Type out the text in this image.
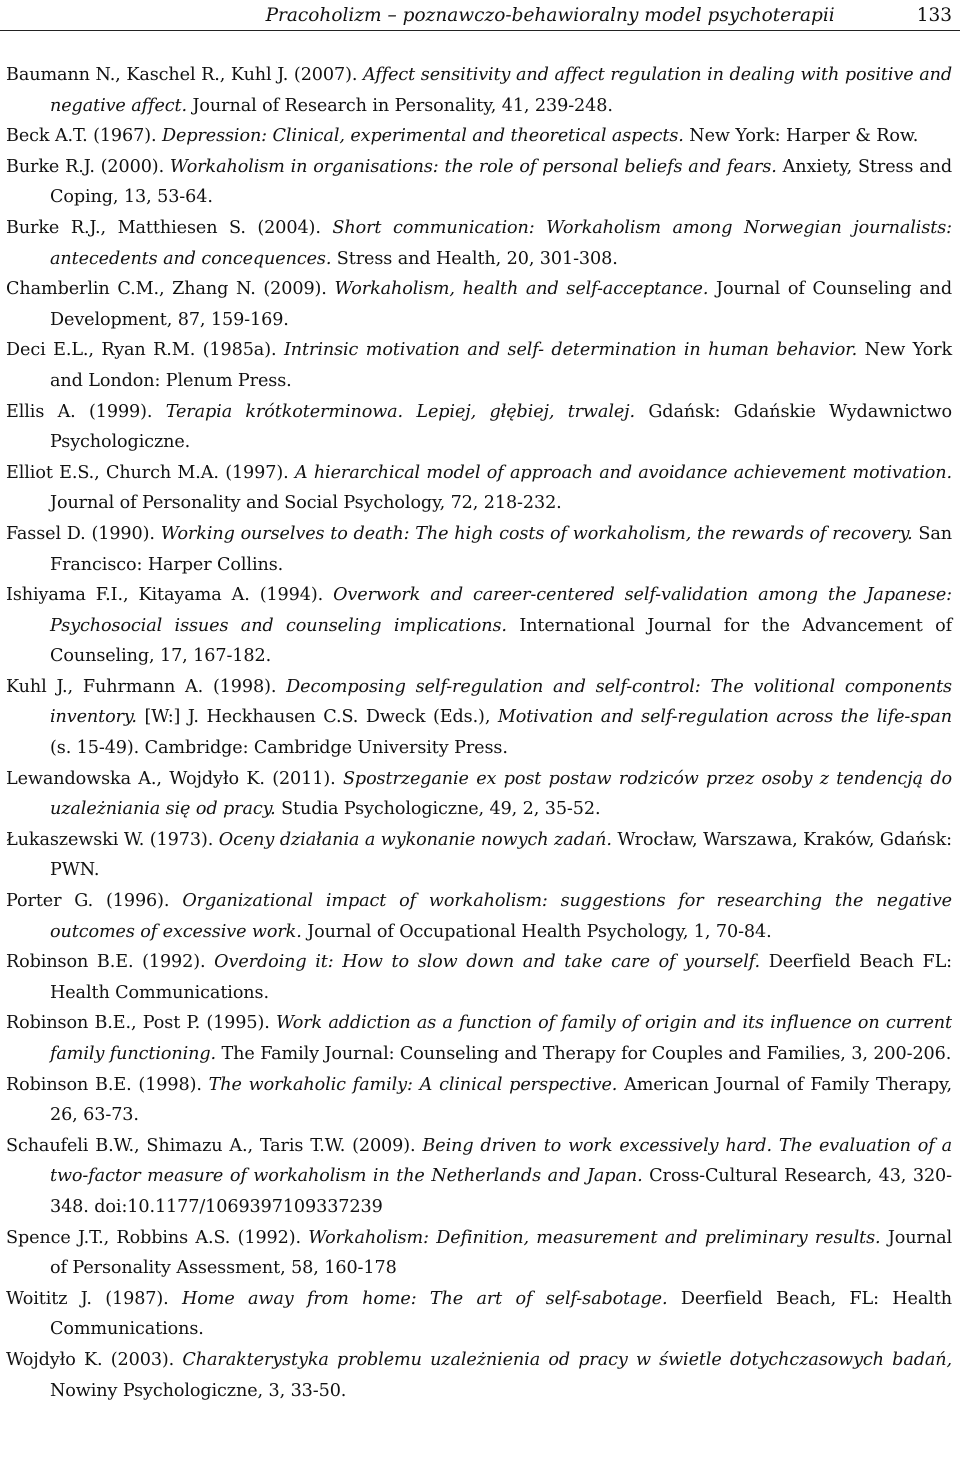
Pracoholizm – poznawczo-behawioralny model psychoterapii	133
Baumann N., Kaschel R., Kuhl J. (2007). Affect sensitivity and affect regulation in dealing with positive and negative affect. Journal of Research in Personality, 41, 239-248.
Beck A.T. (1967). Depression: Clinical, experimental and theoretical aspects. New York: Harper & Row.
Burke R.J. (2000). Workaholism in organisations: the role of personal beliefs and fears. Anxiety, Stress and Coping, 13, 53-64.
Burke R.J., Matthiesen S. (2004). Short communication: Workaholism among Norwegian journalists: antecedents and concequences. Stress and Health, 20, 301-308.
Chamberlin C.M., Zhang N. (2009). Workaholism, health and self-acceptance. Journal of Counseling and Development, 87, 159-169.
Deci E.L., Ryan R.M. (1985a). Intrinsic motivation and self- determination in human behavior. New York and London: Plenum Press.
Ellis A. (1999). Terapia krótkoterminowa. Lepiej, głębiej, trwalej. Gdańsk: Gdańskie Wydawnictwo Psychologiczne.
Elliot E.S., Church M.A. (1997). A hierarchical model of approach and avoidance achievement motivation. Journal of Personality and Social Psychology, 72, 218-232.
Fassel D. (1990). Working ourselves to death: The high costs of workaholism, the rewards of recovery. San Francisco: Harper Collins.
Ishiyama F.I., Kitayama A. (1994). Overwork and career-centered self-validation among the Japanese: Psychosocial issues and counseling implications. International Journal for the Advancement of Counseling, 17, 167-182.
Kuhl J., Fuhrmann A. (1998). Decomposing self-regulation and self-control: The volitional components inventory. [W:] J. Heckhausen C.S. Dweck (Eds.), Motivation and self-regulation across the life-span (s. 15-49). Cambridge: Cambridge University Press.
Lewandowska A., Wojdyło K. (2011). Spostrzeganie ex post postaw rodziców przez osoby z tendencją do uzależniania się od pracy. Studia Psychologiczne, 49, 2, 35-52.
Łukaszewski W. (1973). Oceny działania a wykonanie nowych zadań. Wrocław, Warszawa, Kraków, Gdańsk: PWN.
Porter G. (1996). Organizational impact of workaholism: suggestions for researching the negative outcomes of excessive work. Journal of Occupational Health Psychology, 1, 70-84.
Robinson B.E. (1992). Overdoing it: How to slow down and take care of yourself. Deerfield Beach FL: Health Communications.
Robinson B.E., Post P. (1995). Work addiction as a function of family of origin and its influence on current family functioning. The Family Journal: Counseling and Therapy for Couples and Families, 3, 200-206.
Robinson B.E. (1998). The workaholic family: A clinical perspective. American Journal of Family Therapy, 26, 63-73.
Schaufeli B.W., Shimazu A., Taris T.W. (2009). Being driven to work excessively hard. The evaluation of a two-factor measure of workaholism in the Netherlands and Japan. Cross-Cultural Research, 43, 320-348. doi:10.1177/1069397109337239
Spence J.T., Robbins A.S. (1992). Workaholism: Definition, measurement and preliminary results. Journal of Personality Assessment, 58, 160-178
Woititz J. (1987). Home away from home: The art of self-sabotage. Deerfield Beach, FL: Health Communications.
Wojdyło K. (2003). Charakterystyka problemu uzależnienia od pracy w świetle dotychczasowych badań, Nowiny Psychologiczne, 3, 33-50.
